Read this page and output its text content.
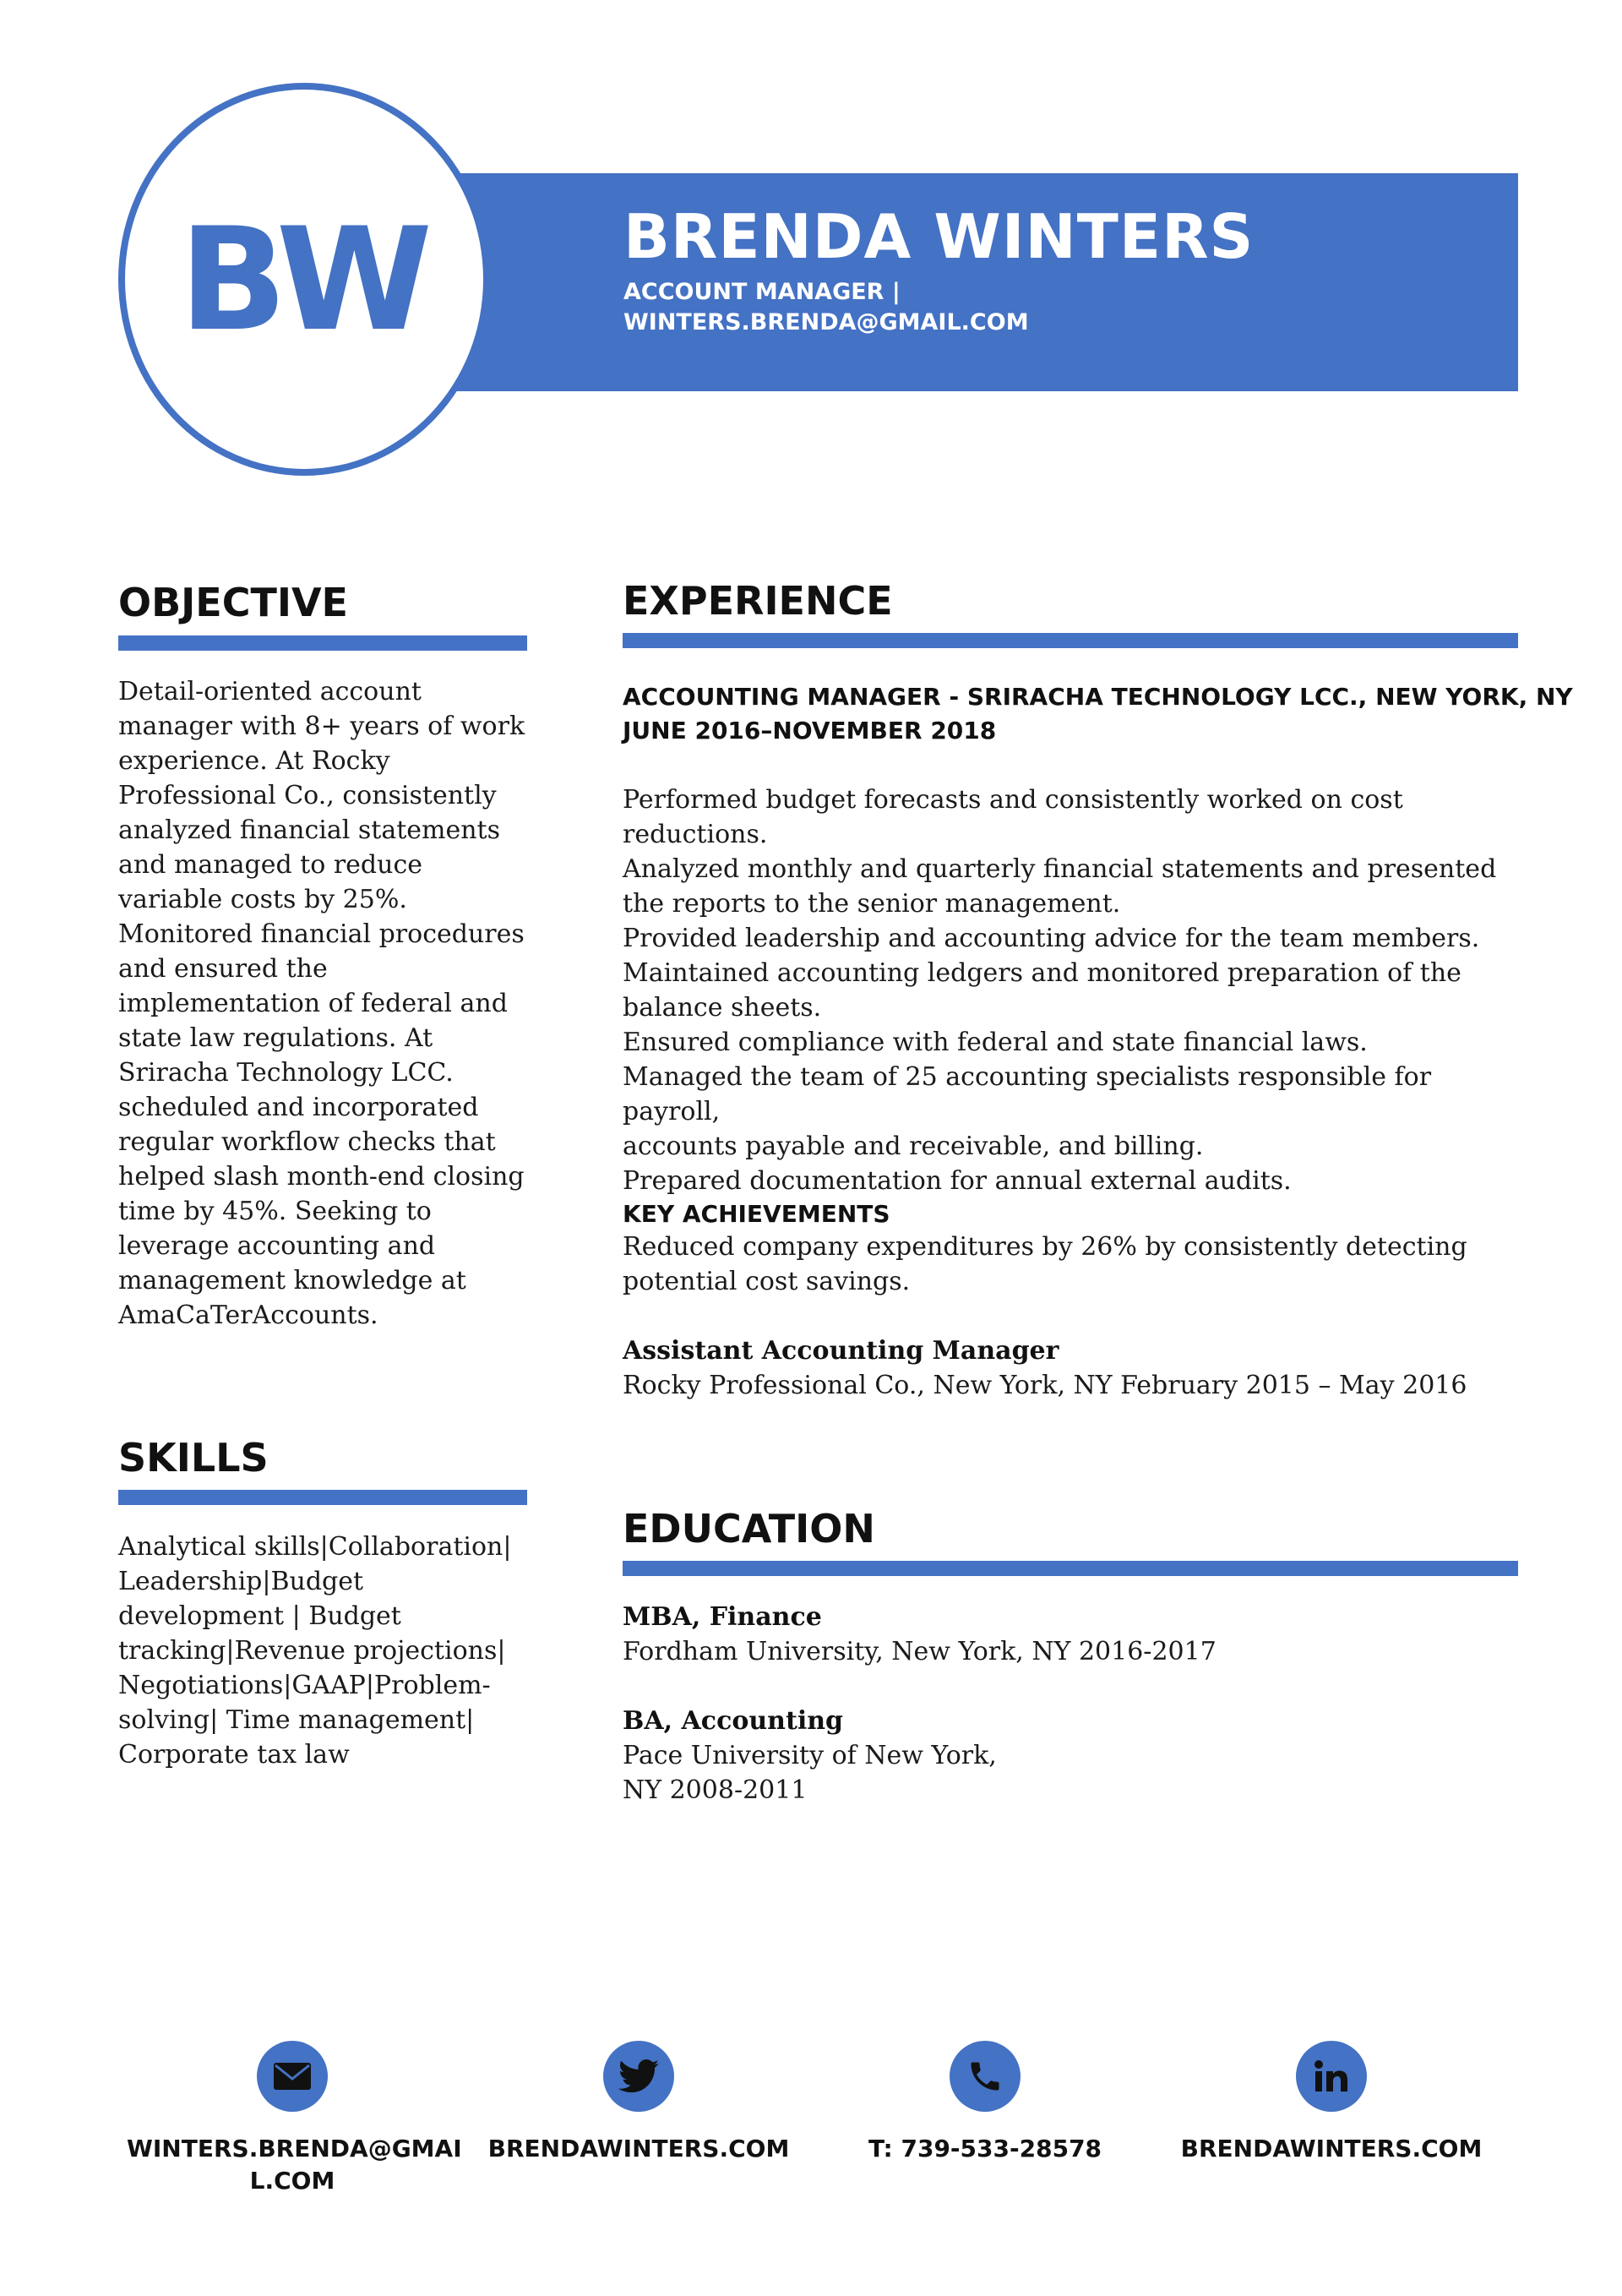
BW	BRENDA WINTERS
ACCOUNT MANAGER |
WINTERS.BRENDA@GMAIL.COM
OBJECTIVE
Detail-oriented account
manager with 8+ years of work
experience. At Rocky
Professional Co., consistently
analyzed financial statements
and managed to reduce
variable costs by 25%.
Monitored financial procedures
and ensured the
implementation of federal and
state law regulations. At
Sriracha Technology LCC.
scheduled and incorporated
regular workflow checks that
helped slash month-end closing
time by 45%. Seeking to
leverage accounting and
management knowledge at
AmaCaTerAccounts.
SKILLS
Analytical skills|Collaboration|
Leadership|Budget
development | Budget
tracking|Revenue projections|
Negotiations|GAAP|Problem-
solving| Time management|
Corporate tax law
EXPERIENCE
ACCOUNTING MANAGER - SRIRACHA TECHNOLOGY LCC., NEW YORK, NY
JUNE 2016–NOVEMBER 2018
Performed budget forecasts and consistently worked on cost
reductions.
Analyzed monthly and quarterly financial statements and presented
the reports to the senior management.
Provided leadership and accounting advice for the team members.
Maintained accounting ledgers and monitored preparation of the
balance sheets.
Ensured compliance with federal and state financial laws.
Managed the team of 25 accounting specialists responsible for payroll,
accounts payable and receivable, and billing.
Prepared documentation for annual external audits.
KEY ACHIEVEMENTS
Reduced company expenditures by 26% by consistently detecting
potential cost savings.
Assistant Accounting Manager
Rocky Professional Co., New York, NY February 2015 – May 2016
EDUCATION
MBA, Finance
Fordham University, New York, NY 2016-2017
BA, Accounting
Pace University of New York,
NY 2008-2011
WINTERS.BRENDA@GMAI
L.COM
BRENDAWINTERS.COM	T: 739-533-28578	BRENDAWINTERS.COM
